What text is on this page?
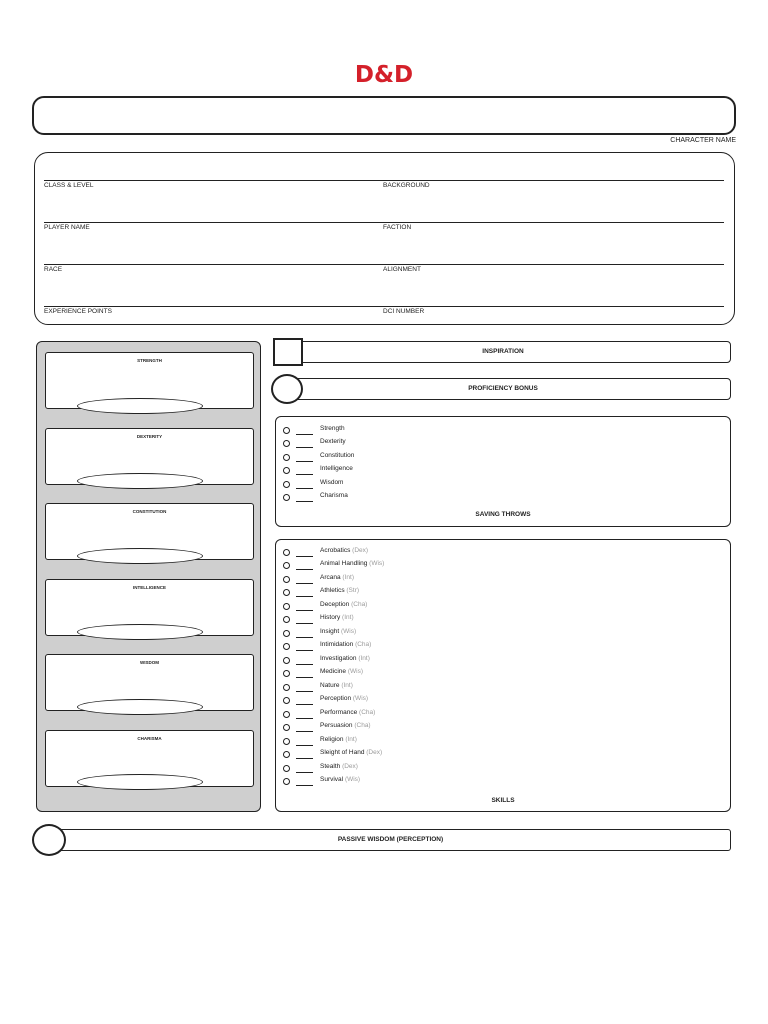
D&D
CHARACTER NAME
CLASS & LEVEL	BACKGROUND
PLAYER NAME	FACTION
RACE	ALIGNMENT
EXPERIENCE POINTS	DCI NUMBER
STRENGTH
DEXTERITY
CONSTITUTION
INTELLIGENCE
WISDOM
CHARISMA
INSPIRATION
PROFICIENCY BONUS
Strength
Dexterity
Constitution
Intelligence
Wisdom
Charisma
SAVING THROWS
Acrobatics (Dex)
Animal Handling (Wis)
Arcana (Int)
Athletics (Str)
Deception (Cha)
History (Int)
Insight (Wis)
Intimidation (Cha)
Investigation (Int)
Medicine (Wis)
Nature (Int)
Perception (Wis)
Performance (Cha)
Persuasion (Cha)
Religion (Int)
Sleight of Hand (Dex)
Stealth (Dex)
Survival (Wis)
SKILLS
PASSIVE WISDOM (PERCEPTION)
